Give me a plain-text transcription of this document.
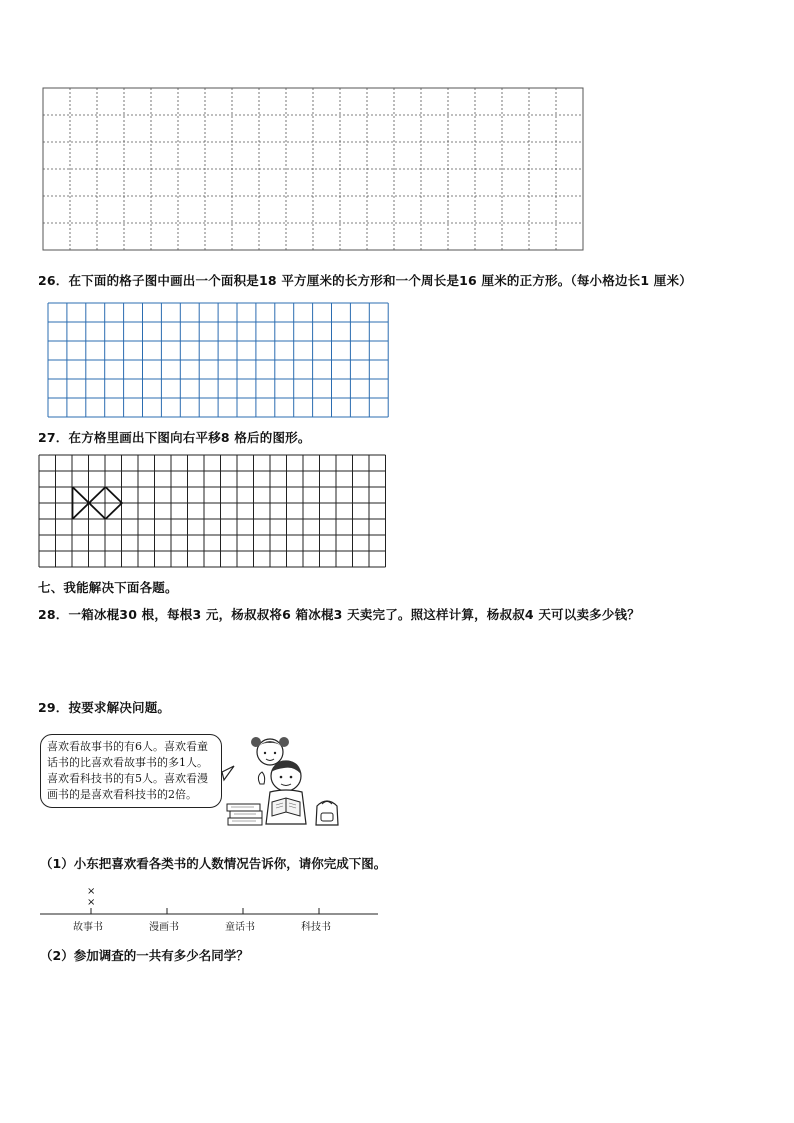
26．在下面的格子图中画出一个面积是18 平方厘米的长方形和一个周长是16 厘米的正方形。（每小格边长1 厘米）
27．在方格里画出下图向右平移8 格后的图形。
七、我能解决下面各题。
28．一箱冰棍30 根，每根3 元，杨叔叔将6 箱冰棍3 天卖完了。照这样计算，杨叔叔4 天可以卖多少钱？
29．按要求解决问题。
喜欢看故事书的有6人。喜欢看童
话书的比喜欢看故事书的多1人。
喜欢看科技书的有5人。喜欢看漫
画书的是喜欢看科技书的2倍。
（1）小东把喜欢看各类书的人数情况告诉你，请你完成下图。
故事书
×
×
漫画书	童话书	科技书
（2）参加调查的一共有多少名同学？
